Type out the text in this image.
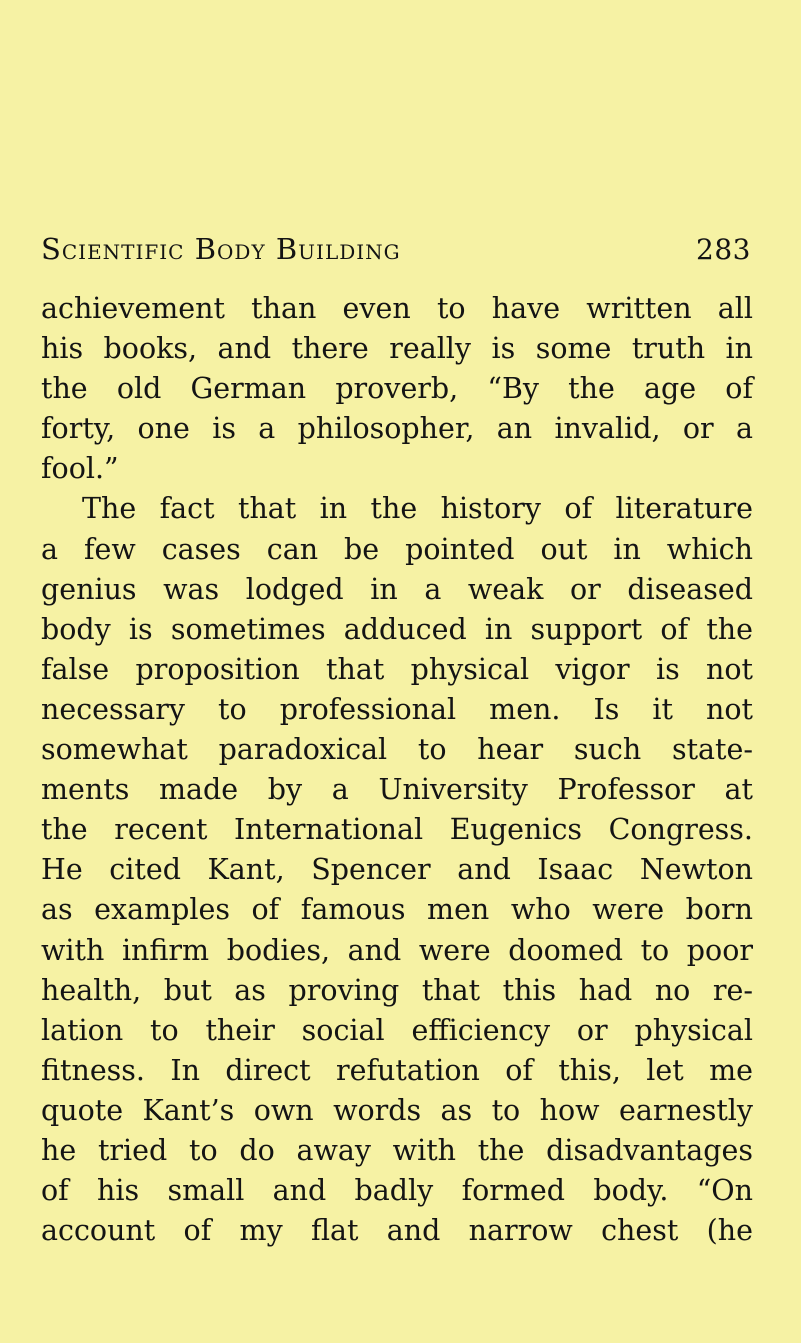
Scientific Body Building	283
achievement than even to have written all
his books, and there really is some truth in
the old German proverb, “By the age of
forty, one is a philosopher, an invalid, or a
fool.”
The fact that in the history of literature
a few cases can be pointed out in which
genius was lodged in a weak or diseased
body is sometimes adduced in support of the
false proposition that physical vigor is not
necessary to professional men. Is it not
somewhat paradoxical to hear such state-
ments made by a University Professor at
the recent International Eugenics Congress.
He cited Kant, Spencer and Isaac Newton
as examples of famous men who were born
with infirm bodies, and were doomed to poor
health, but as proving that this had no re-
lation to their social efficiency or physical
fitness. In direct refutation of this, let me
quote Kant’s own words as to how earnestly
he tried to do away with the disadvantages
of his small and badly formed body. “On
account of my flat and narrow chest (he
